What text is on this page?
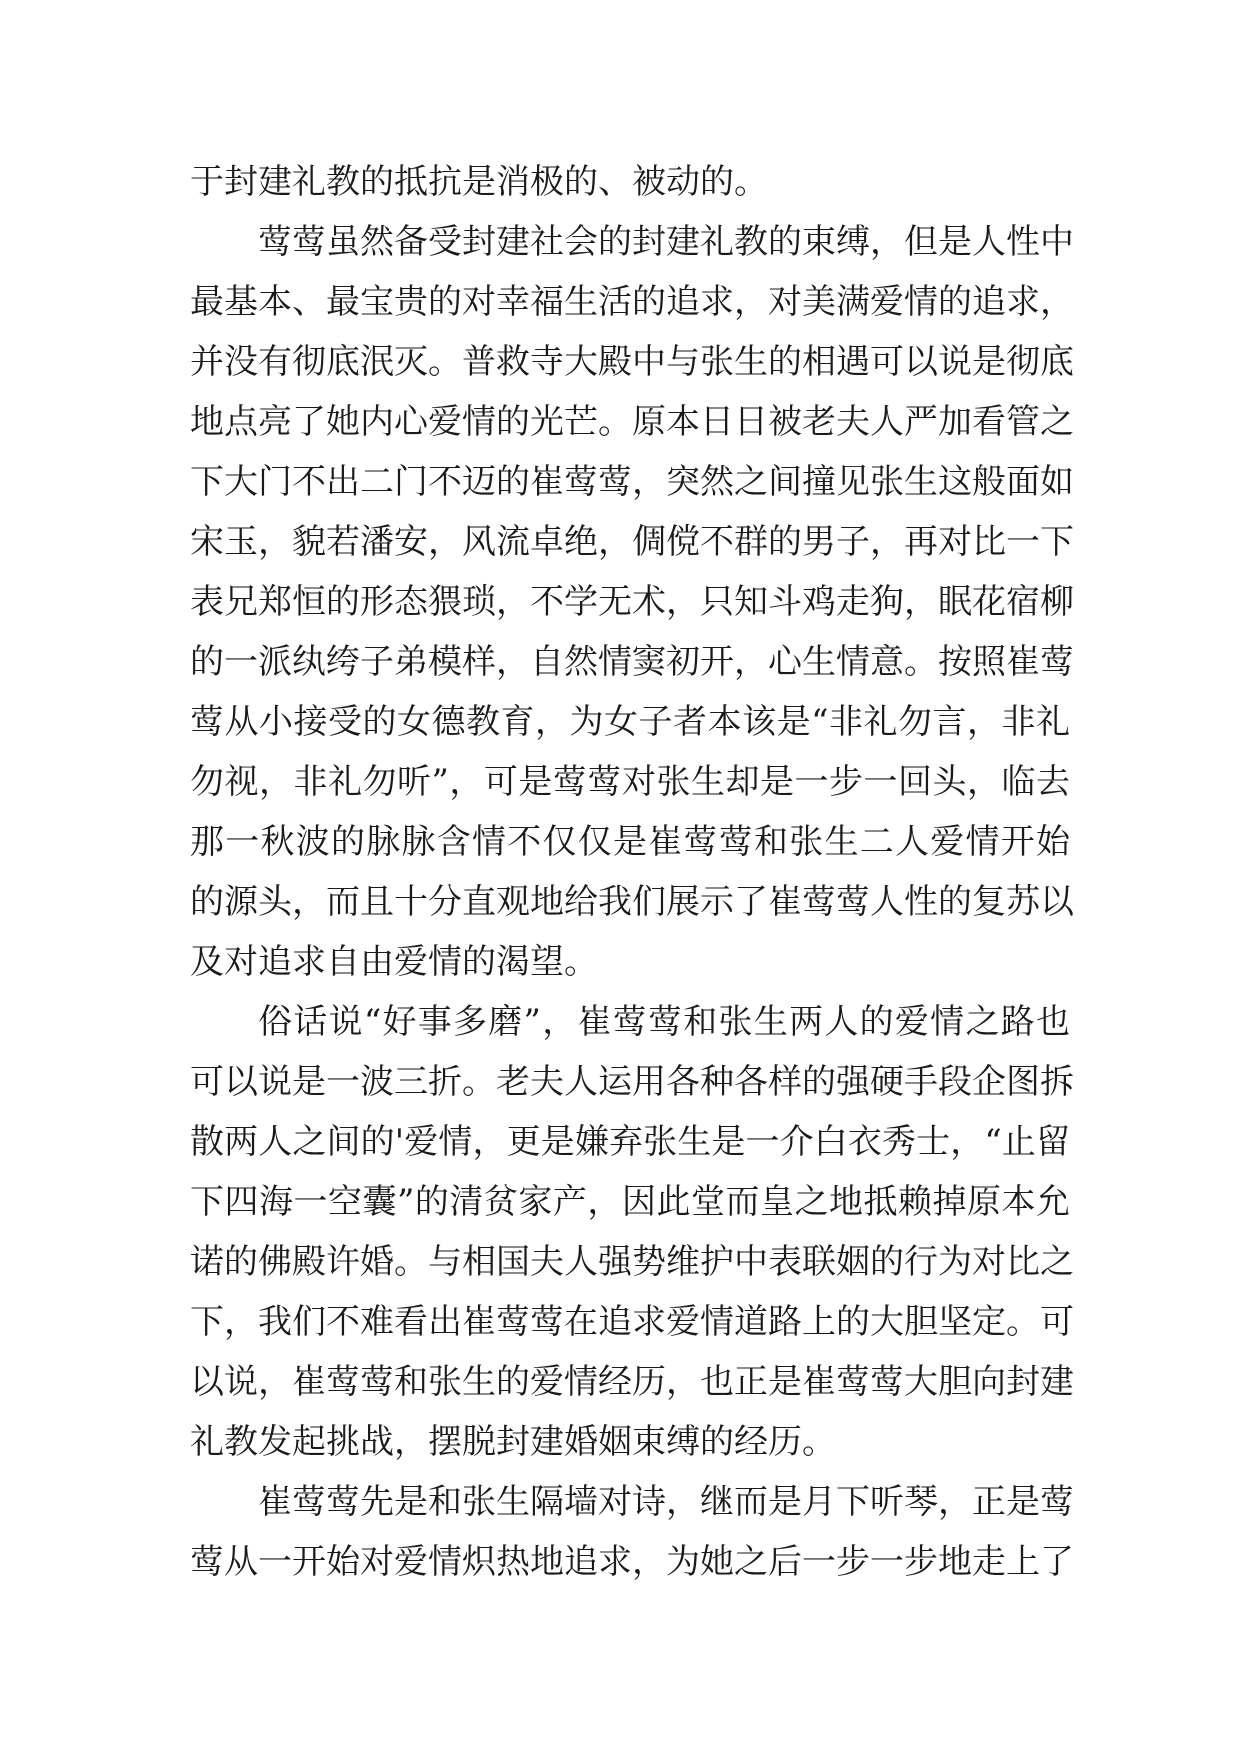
于封建礼教的抵抗是消极的、被动的。
莺莺虽然备受封建社会的封建礼教的束缚，但是人性中
最基本、最宝贵的对幸福生活的追求，对美满爱情的追求，
并没有彻底泯灭。普救寺大殿中与张生的相遇可以说是彻底
地点亮了她内心爱情的光芒。原本日日被老夫人严加看管之
下大门不出二门不迈的崔莺莺，突然之间撞见张生这般面如
宋玉，貌若潘安，风流卓绝，倜傥不群的男子，再对比一下
表兄郑恒的形态猥琐，不学无术，只知斗鸡走狗，眠花宿柳
的一派纨绔子弟模样，自然情窦初开，心生情意。按照崔莺
莺从小接受的女德教育，为女子者本该是“非礼勿言，非礼
勿视，非礼勿听”，可是莺莺对张生却是一步一回头，临去
那一秋波的脉脉含情不仅仅是崔莺莺和张生二人爱情开始
的源头，而且十分直观地给我们展示了崔莺莺人性的复苏以
及对追求自由爱情的渴望。
俗话说“好事多磨”，崔莺莺和张生两人的爱情之路也
可以说是一波三折。老夫人运用各种各样的强硬手段企图拆
散两人之间的'爱情，更是嫌弃张生是一介白衣秀士，“止留
下四海一空囊”的清贫家产，因此堂而皇之地抵赖掉原本允
诺的佛殿许婚。与相国夫人强势维护中表联姻的行为对比之
下，我们不难看出崔莺莺在追求爱情道路上的大胆坚定。可
以说，崔莺莺和张生的爱情经历，也正是崔莺莺大胆向封建
礼教发起挑战，摆脱封建婚姻束缚的经历。
崔莺莺先是和张生隔墙对诗，继而是月下听琴，正是莺
莺从一开始对爱情炽热地追求，为她之后一步一步地走上了
